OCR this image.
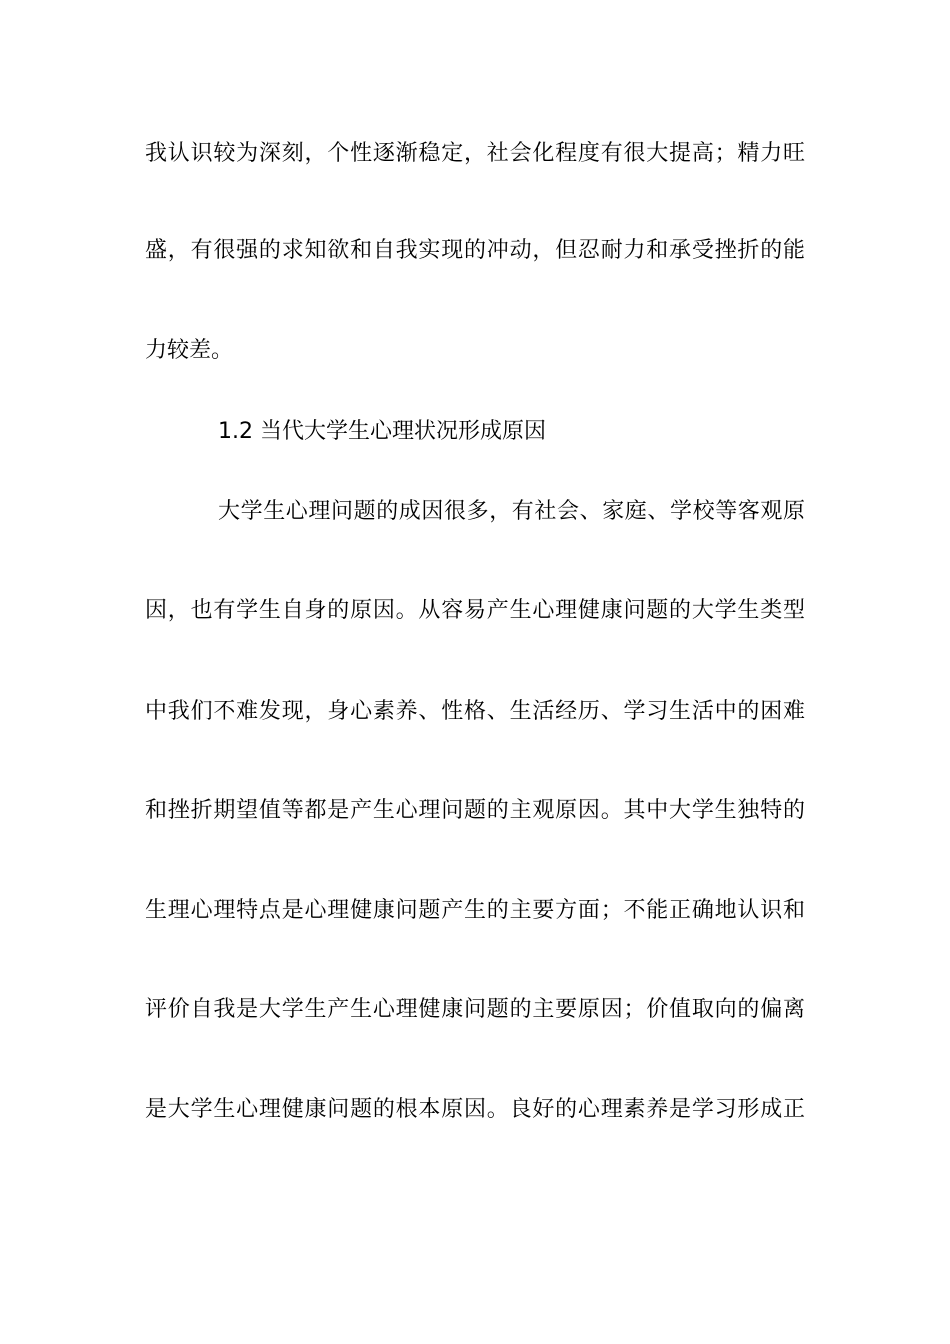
我认识较为深刻，个性逐渐稳定，社会化程度有很大提高；精力旺
盛，有很强的求知欲和自我实现的冲动，但忍耐力和承受挫折的能
力较差。
1.2 当代大学生心理状况形成原因
大学生心理问题的成因很多，有社会、家庭、学校等客观原
因，也有学生自身的原因。从容易产生心理健康问题的大学生类型
中我们不难发现，身心素养、性格、生活经历、学习生活中的困难
和挫折期望值等都是产生心理问题的主观原因。其中大学生独特的
生理心理特点是心理健康问题产生的主要方面；不能正确地认识和
评价自我是大学生产生心理健康问题的主要原因；价值取向的偏离
是大学生心理健康问题的根本原因。良好的心理素养是学习形成正
